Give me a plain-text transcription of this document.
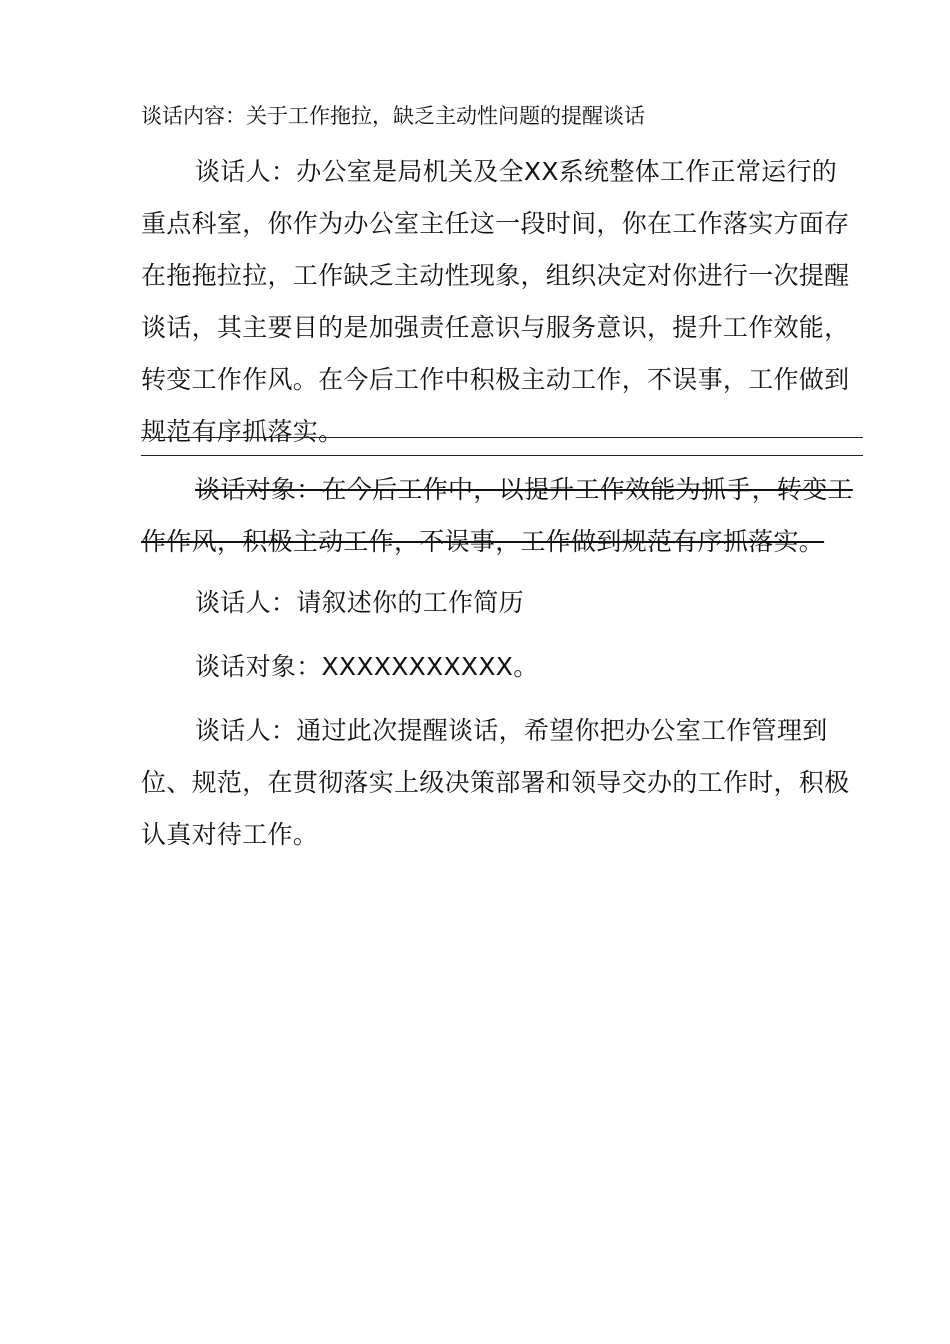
谈话内容：关于工作拖拉，缺乏主动性问题的提醒谈话

谈话人：办公室是局机关及全XX系统整体工作正常运行的重点科室，你作为办公室主任这一段时间，你在工作落实方面存在拖拖拉拉，工作缺乏主动性现象，组织决定对你进行一次提醒谈话，其主要目的是加强责任意识与服务意识，提升工作效能，转变工作作风。在今后工作中积极主动工作，不误事，工作做到规范有序抓落实。

谈话对象：在今后工作中，以提升工作效能为抓手，转变工作作风，积极主动工作，不误事，工作做到规范有序抓落实。

谈话人：请叙述你的工作简历

谈话对象：XXXXXXXXXXX。

谈话人：通过此次提醒谈话，希望你把办公室工作管理到位、规范，在贯彻落实上级决策部署和领导交办的工作时，积极认真对待工作。
